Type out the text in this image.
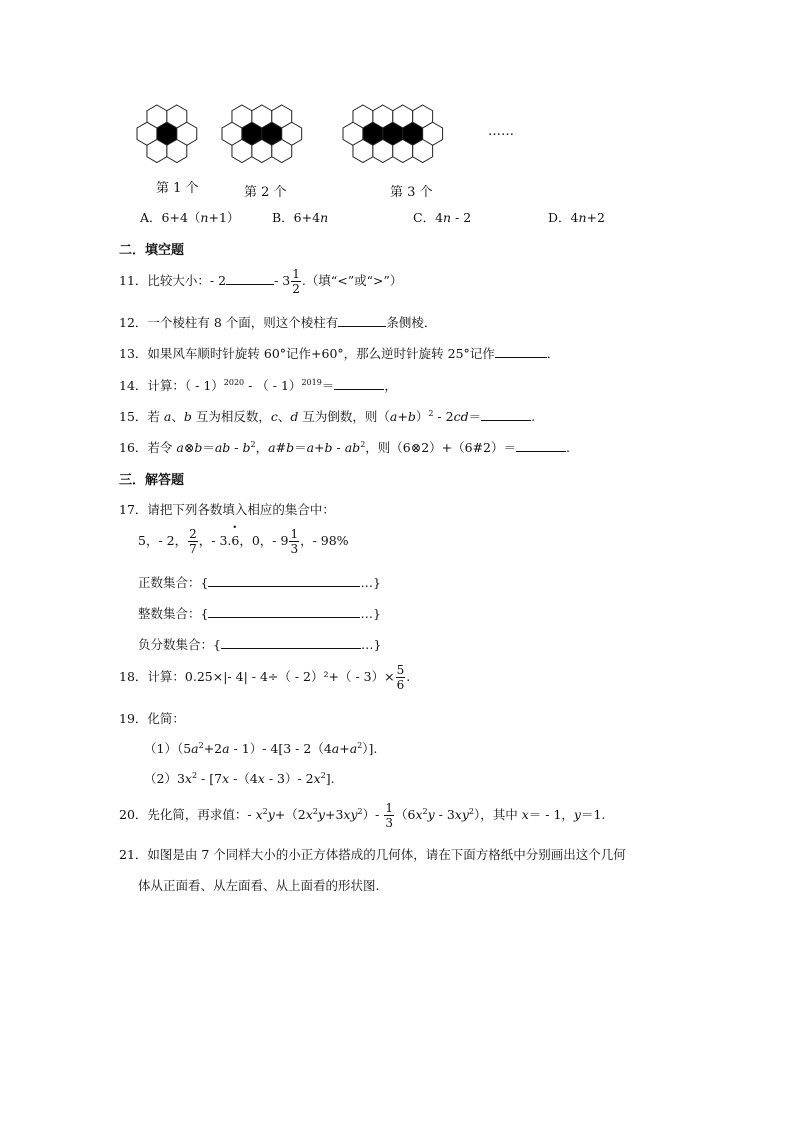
……
第 1 个	第 2 个	第 3 个
A．6+4（n+1）	B．6+4n	C．4n - 2	D．4n+2
二．填空题
11．比较大小：- 2	- $3 \frac{1}{2}$ .（填“<”或“>”）
12．一个棱柱有 8 个面，则这个棱柱有	条侧棱．
13．如果风车顺时针旋转 60°记作+60°，那么逆时针旋转 25°记作	．
14．计算：（ - 1）$^{2020}$ - （ - 1）$^{2019}$＝	，
15．若 a、b 互为相反数，c、d 互为倒数，则$(a+b)^2 - 2cd=$	.
16．若令 a⊗b＝ab - $b^2$，a#b＝a+b - $ab^2$，则（6⊗2）+（6#2）＝	.
三．解答题
17．请把下列各数填入相应的集合中：
5，- 2， $\frac{2}{7}$ ，- 3.• 6，0，- $9 \frac{1}{3}$ ，- 98%
正数集合：{	…}
整数集合：{	…}
负分数集合：{	…}
18．计算：0.25×|- $4| - 4\div( - 2)^2+( - 3)\times \frac{5}{6}$ .
19．化简：
$(1)(5a^2+2a - 1)-$ $4[3 - 2(4a+a^2)]$.
$(2)3x^2 - [7x$ -（4x - 3）- $2x^2$].
20．先化简，再求值：- $x^2y+(2x^2y+3xy^2)- \frac{1}{3} (6x^2y - 3xy^2)$，其中 x＝ - 1，y＝1.
21．如图是由 7 个同样大小的小正方体搭成的几何体，请在下面方格纸中分别画出这个几何
体从正面看、从左面看、从上面看的形状图.
